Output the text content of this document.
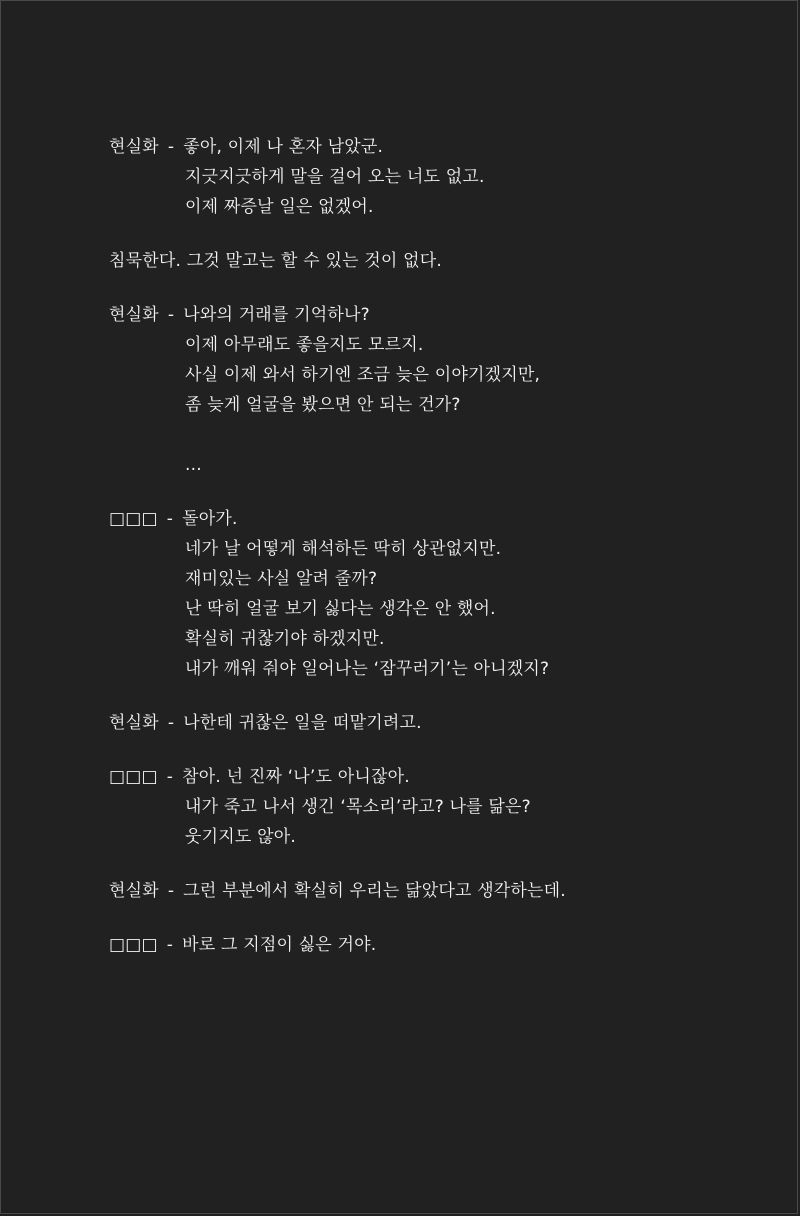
현실화 - 좋아, 이제 나 혼자 남았군.
지긋지긋하게 말을 걸어 오는 너도 없고.
이제 짜증날 일은 없겠어.
침묵한다. 그것 말고는 할 수 있는 것이 없다.
현실화 - 나와의 거래를 기억하나?
이제 아무래도 좋을지도 모르지.
사실 이제 와서 하기엔 조금 늦은 이야기겠지만,
좀 늦게 얼굴을 봤으면 안 되는 건가?
...
□□□ - 돌아가.
네가 날 어떻게 해석하든 딱히 상관없지만.
재미있는 사실 알려 줄까?
난 딱히 얼굴 보기 싫다는 생각은 안 했어.
확실히 귀찮기야 하겠지만.
내가 깨워 줘야 일어나는 ‘잠꾸러기’는 아니겠지?
현실화 - 나한테 귀찮은 일을 떠맡기려고.
□□□ - 참아. 넌 진짜 ‘나’도 아니잖아.
내가 죽고 나서 생긴 ‘목소리’라고? 나를 닮은?
웃기지도 않아.
현실화 - 그런 부분에서 확실히 우리는 닮았다고 생각하는데.
□□□ - 바로 그 지점이 싫은 거야.
